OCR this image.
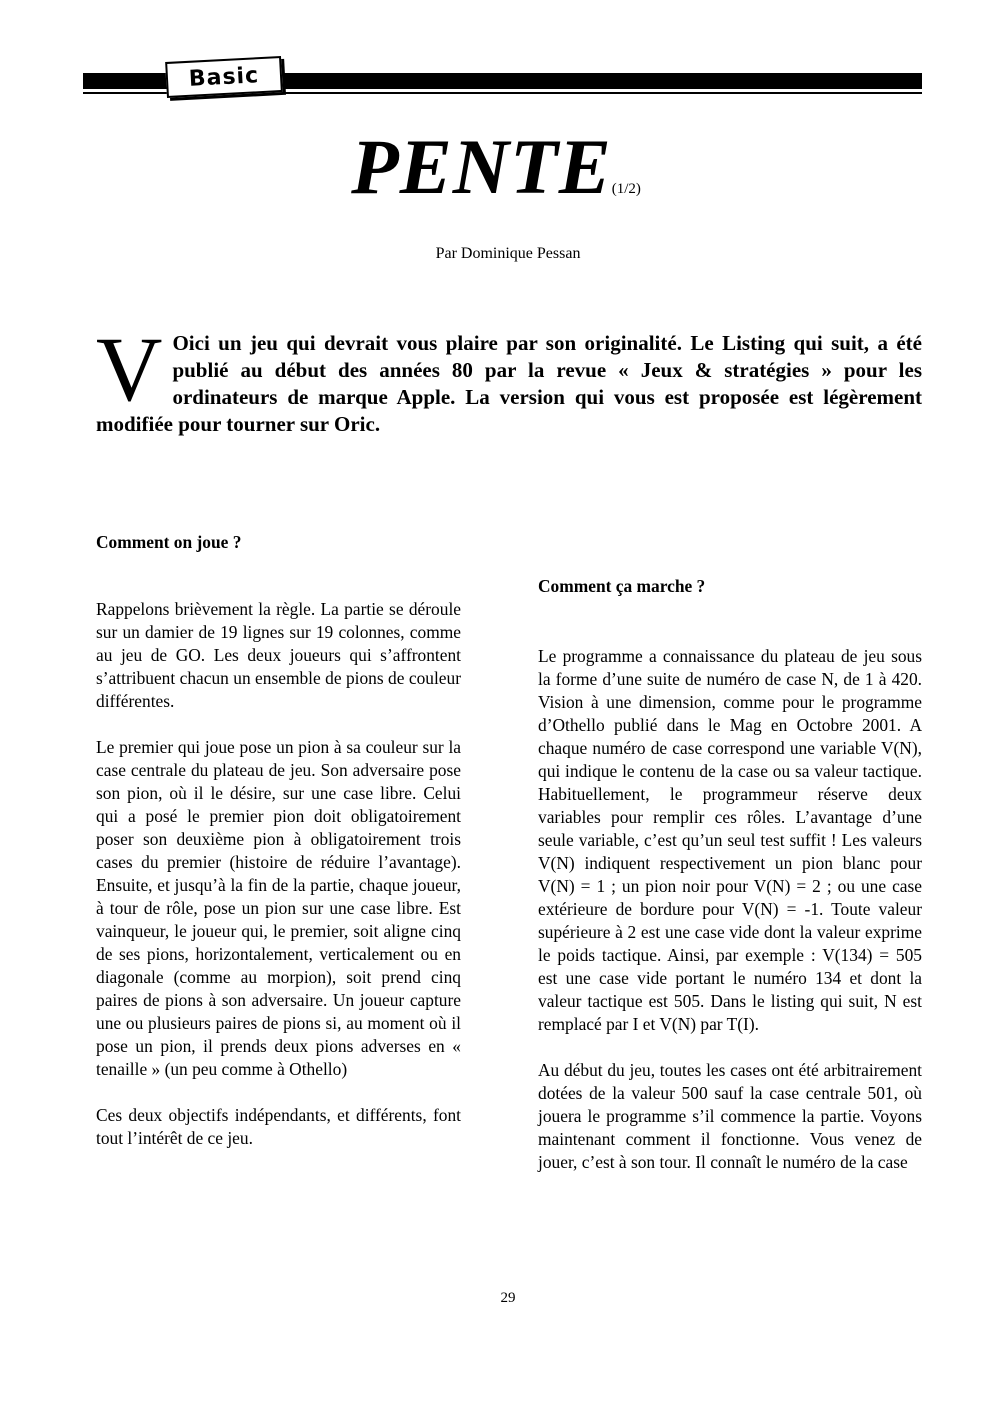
Basic
PENTE(1/2)
Par Dominique Pessan

V Oici un jeu qui devrait vous plaire par son originalité. Le Listing qui suit, a été publié au début des années 80 par la revue « Jeux & stratégies » pour les ordinateurs de marque Apple. La version qui vous est proposée est légèrement modifiée pour tourner sur Oric.

Comment on joue ?

Rappelons brièvement la règle. La partie se déroule sur un damier de 19 lignes sur 19 colonnes, comme au jeu de GO. Les deux joueurs qui s’affrontent s’attribuent chacun un ensemble de pions de couleur différentes.

Le premier qui joue pose un pion à sa couleur sur la case centrale du plateau de jeu. Son adversaire pose son pion, où il le désire, sur une case libre. Celui qui a posé le premier pion doit obligatoirement poser son deuxième pion à obligatoirement trois cases du premier (histoire de réduire l’avantage). Ensuite, et jusqu’à la fin de la partie, chaque joueur, à tour de rôle, pose un pion sur une case libre. Est vainqueur, le joueur qui, le premier, soit aligne cinq de ses pions, horizontalement, verticalement ou en diagonale (comme au morpion), soit prend cinq paires de pions à son adversaire. Un joueur capture une ou plusieurs paires de pions si, au moment où il pose un pion, il prends deux pions adverses en « tenaille » (un peu comme à Othello)

Ces deux objectifs indépendants, et différents, font tout l’intérêt de ce jeu.

Comment ça marche ?

Le programme a connaissance du plateau de jeu sous la forme d’une suite de numéro de case N, de 1 à 420. Vision à une dimension, comme pour le programme d’Othello publié dans le Mag en Octobre 2001. A chaque numéro de case correspond une variable V(N), qui indique le contenu de la case ou sa valeur tactique. Habituellement, le programmeur réserve deux variables pour remplir ces rôles. L’avantage d’une seule variable, c’est qu’un seul test suffit ! Les valeurs V(N) indiquent respectivement un pion blanc pour V(N) = 1 ; un pion noir pour V(N) = 2 ; ou une case extérieure de bordure pour V(N) = -1. Toute valeur supérieure à 2 est une case vide dont la valeur exprime le poids tactique. Ainsi, par exemple : V(134) = 505 est une case vide portant le numéro 134 et dont la valeur tactique est 505. Dans le listing qui suit, N est remplacé par I et V(N) par T(I).

Au début du jeu, toutes les cases ont été arbitrairement dotées de la valeur 500 sauf la case centrale 501, où jouera le programme s’il commence la partie. Voyons maintenant comment il fonctionne. Vous venez de jouer, c’est à son tour. Il connaît le numéro de la case

29
